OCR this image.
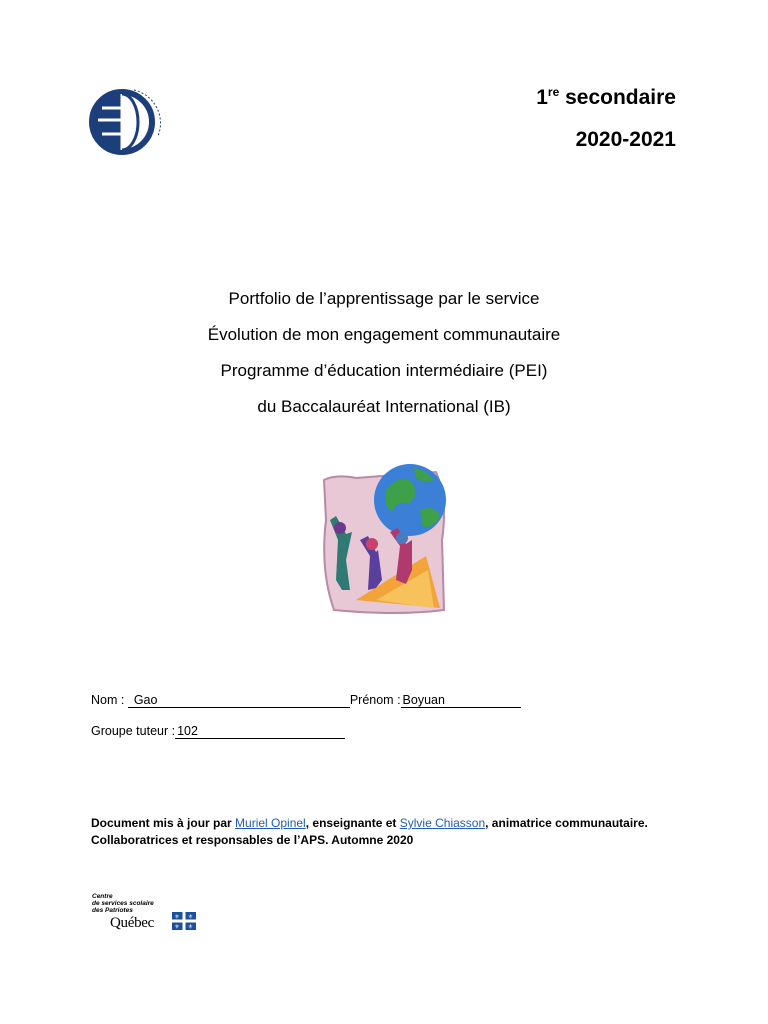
1re secondaire
2020-2021
Portfolio de l’apprentissage par le service
Évolution de mon engagement communautaire
Programme d’éducation intermédiaire (PEI)
du Baccalauréat International (IB)
Nom : Gao	Prénom : Boyuan
Groupe tuteur : 102
Document mis à jour par Muriel Opinel, enseignante et Sylvie Chiasson, animatrice communautaire.
Collaboratrices et responsables de l’APS. Automne 2020
Centre
de services scolaire
des Patriotes
Québec	⚜ ⚜
⚜ ⚜
